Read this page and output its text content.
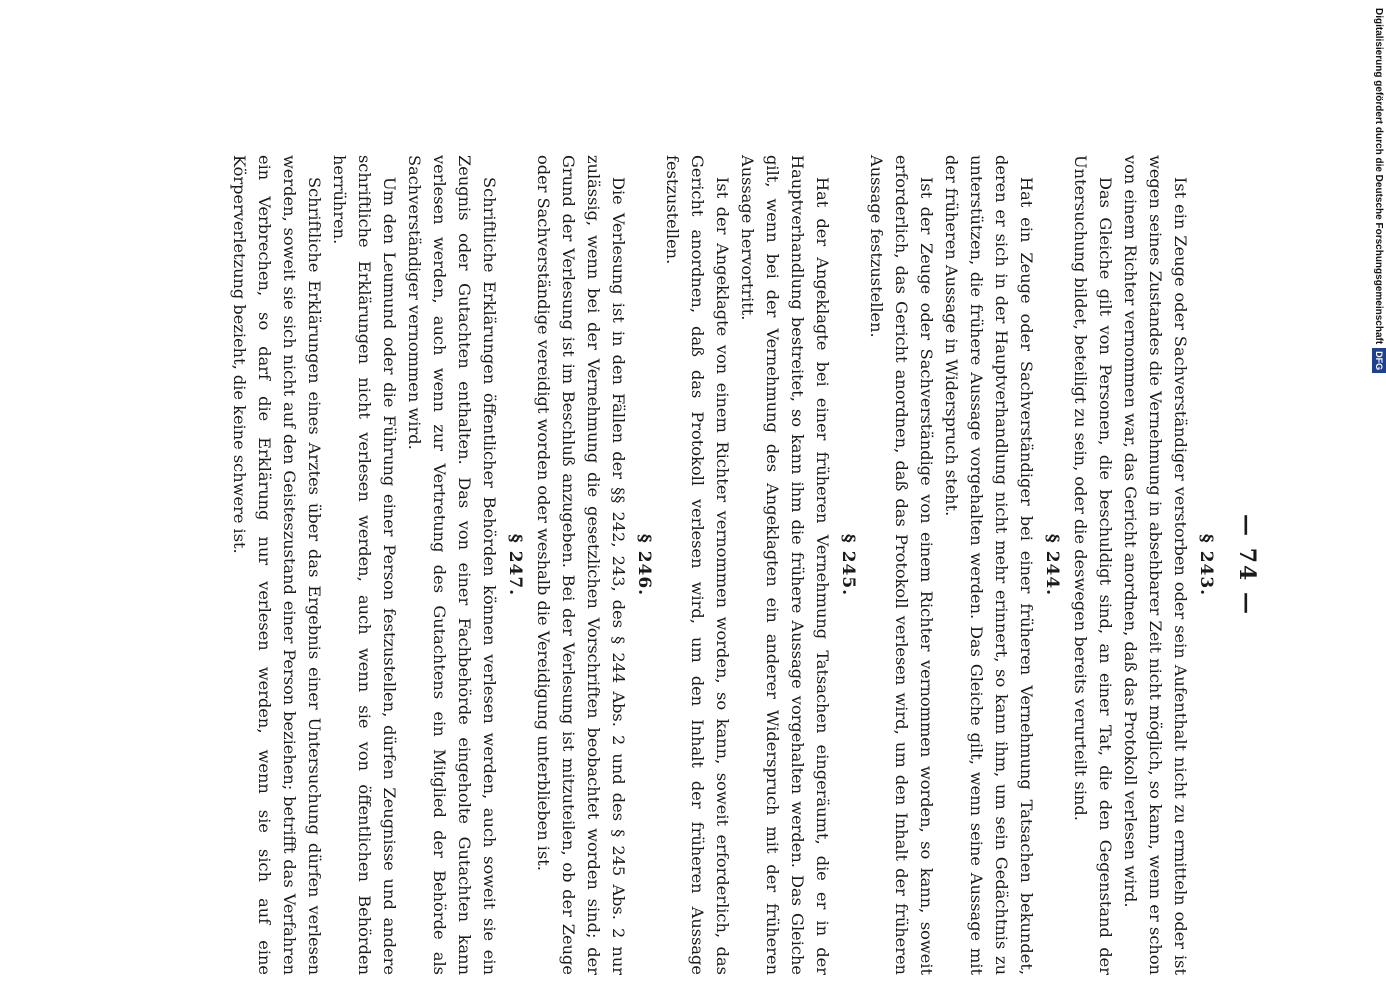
— 74 —
§ 243.

Ist ein Zeuge oder Sachverständiger verstorben oder sein Aufenthalt nicht zu ermitteln oder ist wegen seines Zustandes die Vernehmung in absehbarer Zeit nicht möglich, so kann, wenn er schon von einem Richter vernommen war, das Gericht anordnen, daß das Protokoll verlesen wird.

Das Gleiche gilt von Personen, die beschuldigt sind, an einer Tat, die den Gegenstand der Untersuchung bildet, beteiligt zu sein, oder die deswegen bereits verurteilt sind.

§ 244.

Hat ein Zeuge oder Sachverständiger bei einer früheren Vernehmung Tatsachen bekundet, deren er sich in der Hauptverhandlung nicht mehr erinnert, so kann ihm, um sein Gedächtnis zu unterstützen, die frühere Aussage vorgehalten werden. Das Gleiche gilt, wenn seine Aussage mit der früheren Aussage in Widerspruch steht.

Ist der Zeuge oder Sachverständige von einem Richter vernommen worden, so kann, soweit erforderlich, das Gericht anordnen, daß das Protokoll verlesen wird, um den Inhalt der früheren Aussage festzustellen.

§ 245.

Hat der Angeklagte bei einer früheren Vernehmung Tatsachen eingeräumt, die er in der Hauptverhandlung bestreitet, so kann ihm die frühere Aussage vorgehalten werden. Das Gleiche gilt, wenn bei der Vernehmung des Angeklagten ein anderer Widerspruch mit der früheren Aussage hervortritt.

Ist der Angeklagte von einem Richter vernommen worden, so kann, soweit erforderlich, das Gericht anordnen, daß das Protokoll verlesen wird, um den Inhalt der früheren Aussage festzustellen.

§ 246.

Die Verlesung ist in den Fällen der §§ 242, 243, des § 244 Abs. 2 und des § 245 Abs. 2 nur zulässig, wenn bei der Vernehmung die gesetzlichen Vorschriften beobachtet worden sind; der Grund der Verlesung ist im Beschluß anzugeben. Bei der Verlesung ist mitzuteilen, ob der Zeuge oder Sachverständige vereidigt worden oder weshalb die Vereidigung unterblieben ist.

§ 247.

Schriftliche Erklärungen öffentlicher Behörden können verlesen werden, auch soweit sie ein Zeugnis oder Gutachten enthalten. Das von einer Fachbehörde eingeholte Gutachten kann verlesen werden, auch wenn zur Vertretung des Gutachtens ein Mitglied der Behörde als Sachverständiger vernommen wird.

Um den Leumund oder die Führung einer Person festzustellen, dürfen Zeugnisse und andere schriftliche Erklärungen nicht verlesen werden, auch wenn sie von öffentlichen Behörden herrühren.

Schriftliche Erklärungen eines Arztes über das Ergebnis einer Untersuchung dürfen verlesen werden, soweit sie sich nicht auf den Geisteszustand einer Person beziehen; betrifft das Verfahren ein Verbrechen, so darf die Erklärung nur verlesen werden, wenn sie sich auf eine Körperverletzung bezieht, die keine schwere ist.	Digitalisierung gefördert durch die Deutsche Forschungsgemeinschaft
DFG
